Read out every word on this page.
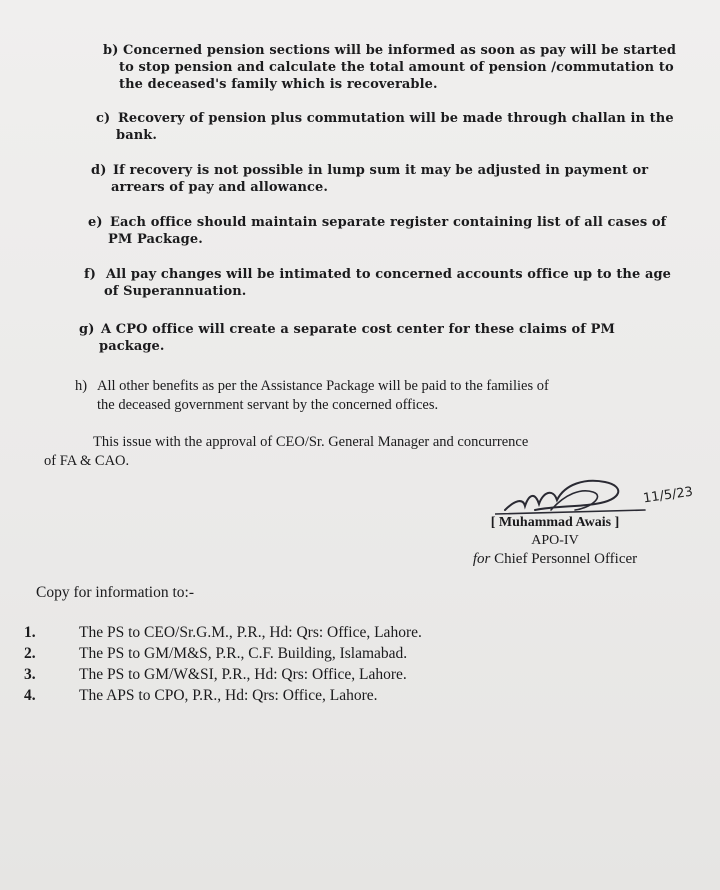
b) Concerned pension sections will be informed as soon as pay will be started
to stop pension and calculate the total amount of pension /commutation to
the deceased's family which is recoverable.
c) Recovery of pension plus commutation will be made through challan in the
bank.
d) If recovery is not possible in lump sum it may be adjusted in payment or
arrears of pay and allowance.
e) Each office should maintain separate register containing list of all cases of
PM Package.
f) All pay changes will be intimated to concerned accounts office up to the age
of Superannuation.
g) A CPO office will create a separate cost center for these claims of PM
package.
h) All other benefits as per the Assistance Package will be paid to the families of
the deceased government servant by the concerned offices.
This issue with the approval of CEO/Sr. General Manager and concurrence
of FA & CAO.
11/5/23
[ Muhammad Awais ]
APO-IV
for Chief Personnel Officer
Copy for information to:-
1.	The PS to CEO/Sr.G.M., P.R., Hd: Qrs: Office, Lahore.
2.	The PS to GM/M&S, P.R., C.F. Building, Islamabad.
3.	The PS to GM/W&SI, P.R., Hd: Qrs: Office, Lahore.
4.	The APS to CPO, P.R., Hd: Qrs: Office, Lahore.
